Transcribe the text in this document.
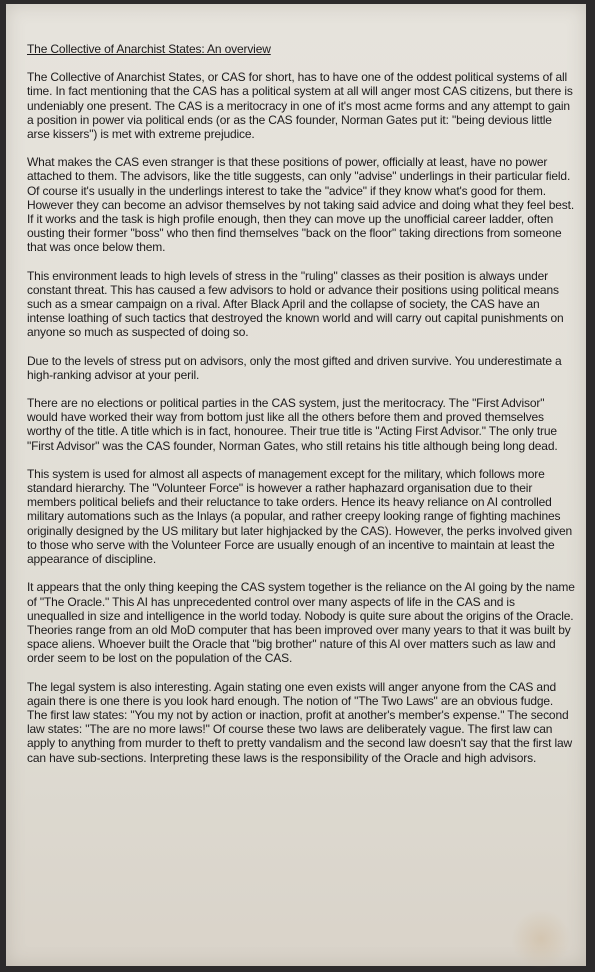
The Collective of Anarchist States: An overview

The Collective of Anarchist States, or CAS for short, has to have one of the oddest political systems of all time. In fact mentioning that the CAS has a political system at all will anger most CAS citizens, but there is undeniably one present. The CAS is a meritocracy in one of it's most acme forms and any attempt to gain a position in power via political ends (or as the CAS founder, Norman Gates put it: "being devious little arse kissers") is met with extreme prejudice.

What makes the CAS even stranger is that these positions of power, officially at least, have no power attached to them. The advisors, like the title suggests, can only "advise" underlings in their particular field. Of course it's usually in the underlings interest to take the "advice" if they know what's good for them. However they can become an advisor themselves by not taking said advice and doing what they feel best. If it works and the task is high profile enough, then they can move up the unofficial career ladder, often ousting their former "boss" who then find themselves "back on the floor" taking directions from someone that was once below them.

This environment leads to high levels of stress in the "ruling" classes as their position is always under constant threat. This has caused a few advisors to hold or advance their positions using political means such as a smear campaign on a rival. After Black April and the collapse of society, the CAS have an intense loathing of such tactics that destroyed the known world and will carry out capital punishments on anyone so much as suspected of doing so.

Due to the levels of stress put on advisors, only the most gifted and driven survive. You underestimate a high-ranking advisor at your peril.

There are no elections or political parties in the CAS system, just the meritocracy. The "First Advisor" would have worked their way from bottom just like all the others before them and proved themselves worthy of the title. A title which is in fact, honouree. Their true title is "Acting First Advisor." The only true "First Advisor" was the CAS founder, Norman Gates, who still retains his title although being long dead.

This system is used for almost all aspects of management except for the military, which follows more standard hierarchy. The "Volunteer Force" is however a rather haphazard organisation due to their members political beliefs and their reluctance to take orders. Hence its heavy reliance on AI controlled military automations such as the Inlays (a popular, and rather creepy looking range of fighting machines originally designed by the US military but later highjacked by the CAS). However, the perks involved given to those who serve with the Volunteer Force are usually enough of an incentive to maintain at least the appearance of discipline.

It appears that the only thing keeping the CAS system together is the reliance on the AI going by the name of "The Oracle." This AI has unprecedented control over many aspects of life in the CAS and is unequalled in size and intelligence in the world today. Nobody is quite sure about the origins of the Oracle. Theories range from an old MoD computer that has been improved over many years to that it was built by space aliens. Whoever built the Oracle that "big brother" nature of this AI over matters such as law and order seem to be lost on the population of the CAS.

The legal system is also interesting. Again stating one even exists will anger anyone from the CAS and again there is one there is you look hard enough. The notion of "The Two Laws" are an obvious fudge. The first law states: "You my not by action or inaction, profit at another's member's expense." The second law states: "The are no more laws!" Of course these two laws are deliberately vague. The first law can apply to anything from murder to theft to pretty vandalism and the second law doesn't say that the first law can have sub-sections. Interpreting these laws is the responsibility of the Oracle and high advisors.
